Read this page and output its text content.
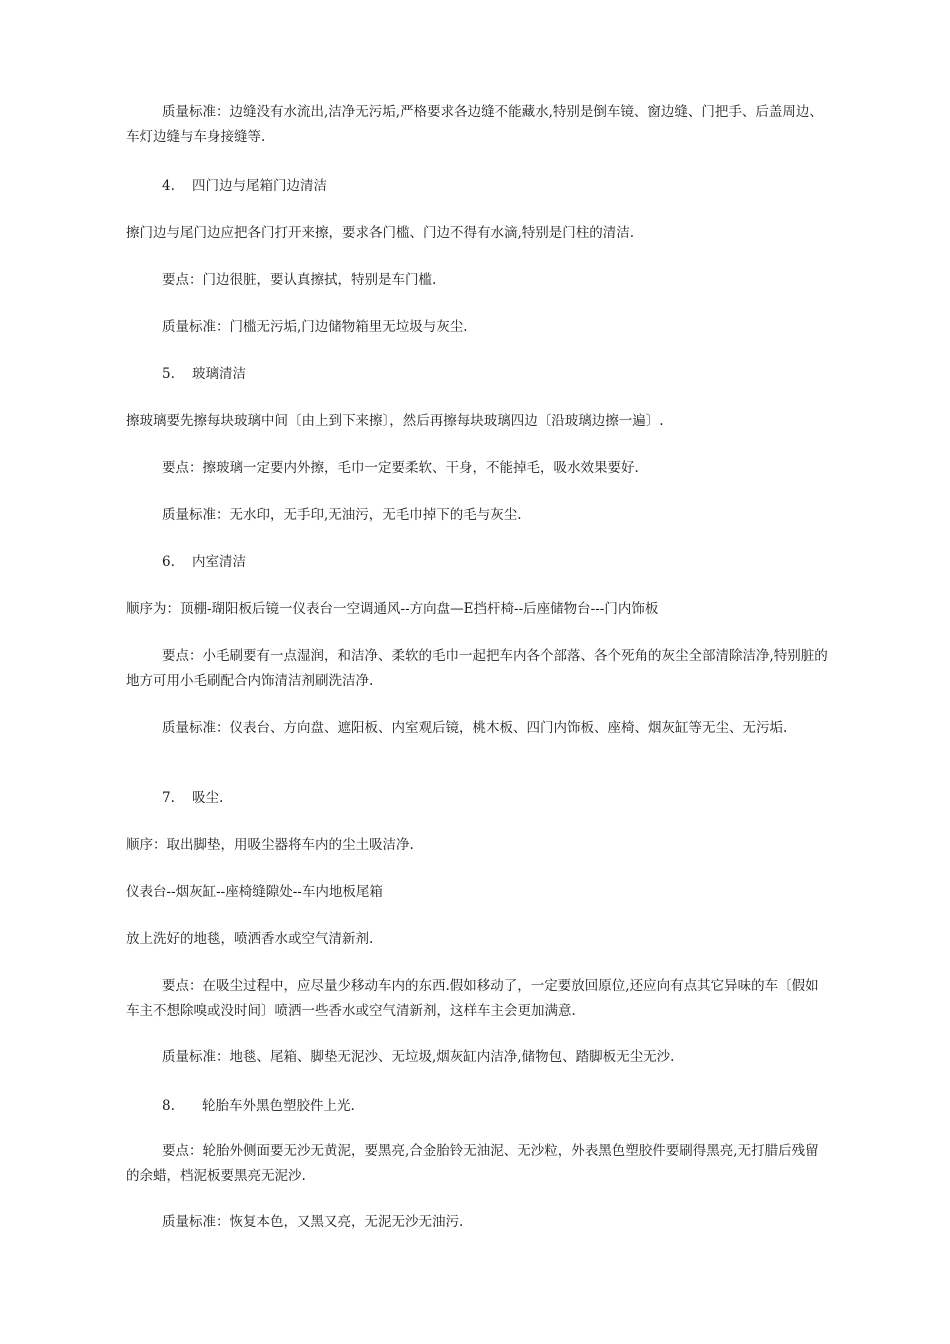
质量标准：边缝没有水流出,洁净无污垢,严格要求各边缝不能藏水,特别是倒车镜、窗边缝、门把手、后盖周边、车灯边缝与车身接缝等.

4. 四门边与尾箱门边清洁

擦门边与尾门边应把各门打开来擦，要求各门槛、门边不得有水滴,特别是门柱的清洁.

要点：门边很脏，要认真擦拭，特别是车门槛.

质量标准：门槛无污垢,门边储物箱里无垃圾与灰尘.

5. 玻璃清洁

擦玻璃要先擦每块玻璃中间〔由上到下来擦〕，然后再擦每块玻璃四边〔沿玻璃边擦一遍〕.

要点：擦玻璃一定要内外擦，毛巾一定要柔软、干身，不能掉毛，吸水效果要好.

质量标准：无水印，无手印,无油污，无毛巾掉下的毛与灰尘.

6. 内室清洁

顺序为：顶棚-瑚阳板后镜一仪表台一空调通风--方向盘—E挡杆椅--后座储物台---门内饰板

要点：小毛刷要有一点湿润，和洁净、柔软的毛巾一起把车内各个部落、各个死角的灰尘全部清除洁净,特别脏的地方可用小毛刷配合内饰清洁剂刷洗洁净.

质量标准：仪表台、方向盘、遮阳板、内室观后镜，桃木板、四门内饰板、座椅、烟灰缸等无尘、无污垢.

7. 吸尘.

顺序：取出脚垫，用吸尘器将车内的尘土吸洁净.

仪表台--烟灰缸--座椅缝隙处--车内地板尾箱

放上洗好的地毯，喷洒香水或空气清新剂.

要点：在吸尘过程中，应尽量少移动车内的东西.假如移动了，一定要放回原位,还应向有点其它异味的车〔假如车主不想除嗅或没时间〕喷洒一些香水或空气清新剂，这样车主会更加满意.

质量标准：地毯、尾箱、脚垫无泥沙、无垃圾,烟灰缸内洁净,储物包、踏脚板无尘无沙.

8. 轮胎车外黑色塑胶件上光.

要点：轮胎外侧面要无沙无黄泥，要黑亮,合金胎铃无油泥、无沙粒，外表黑色塑胶件要刷得黑亮,无打腊后残留的余蜡，档泥板要黑亮无泥沙.

质量标准：恢复本色，又黑又亮，无泥无沙无油污.
